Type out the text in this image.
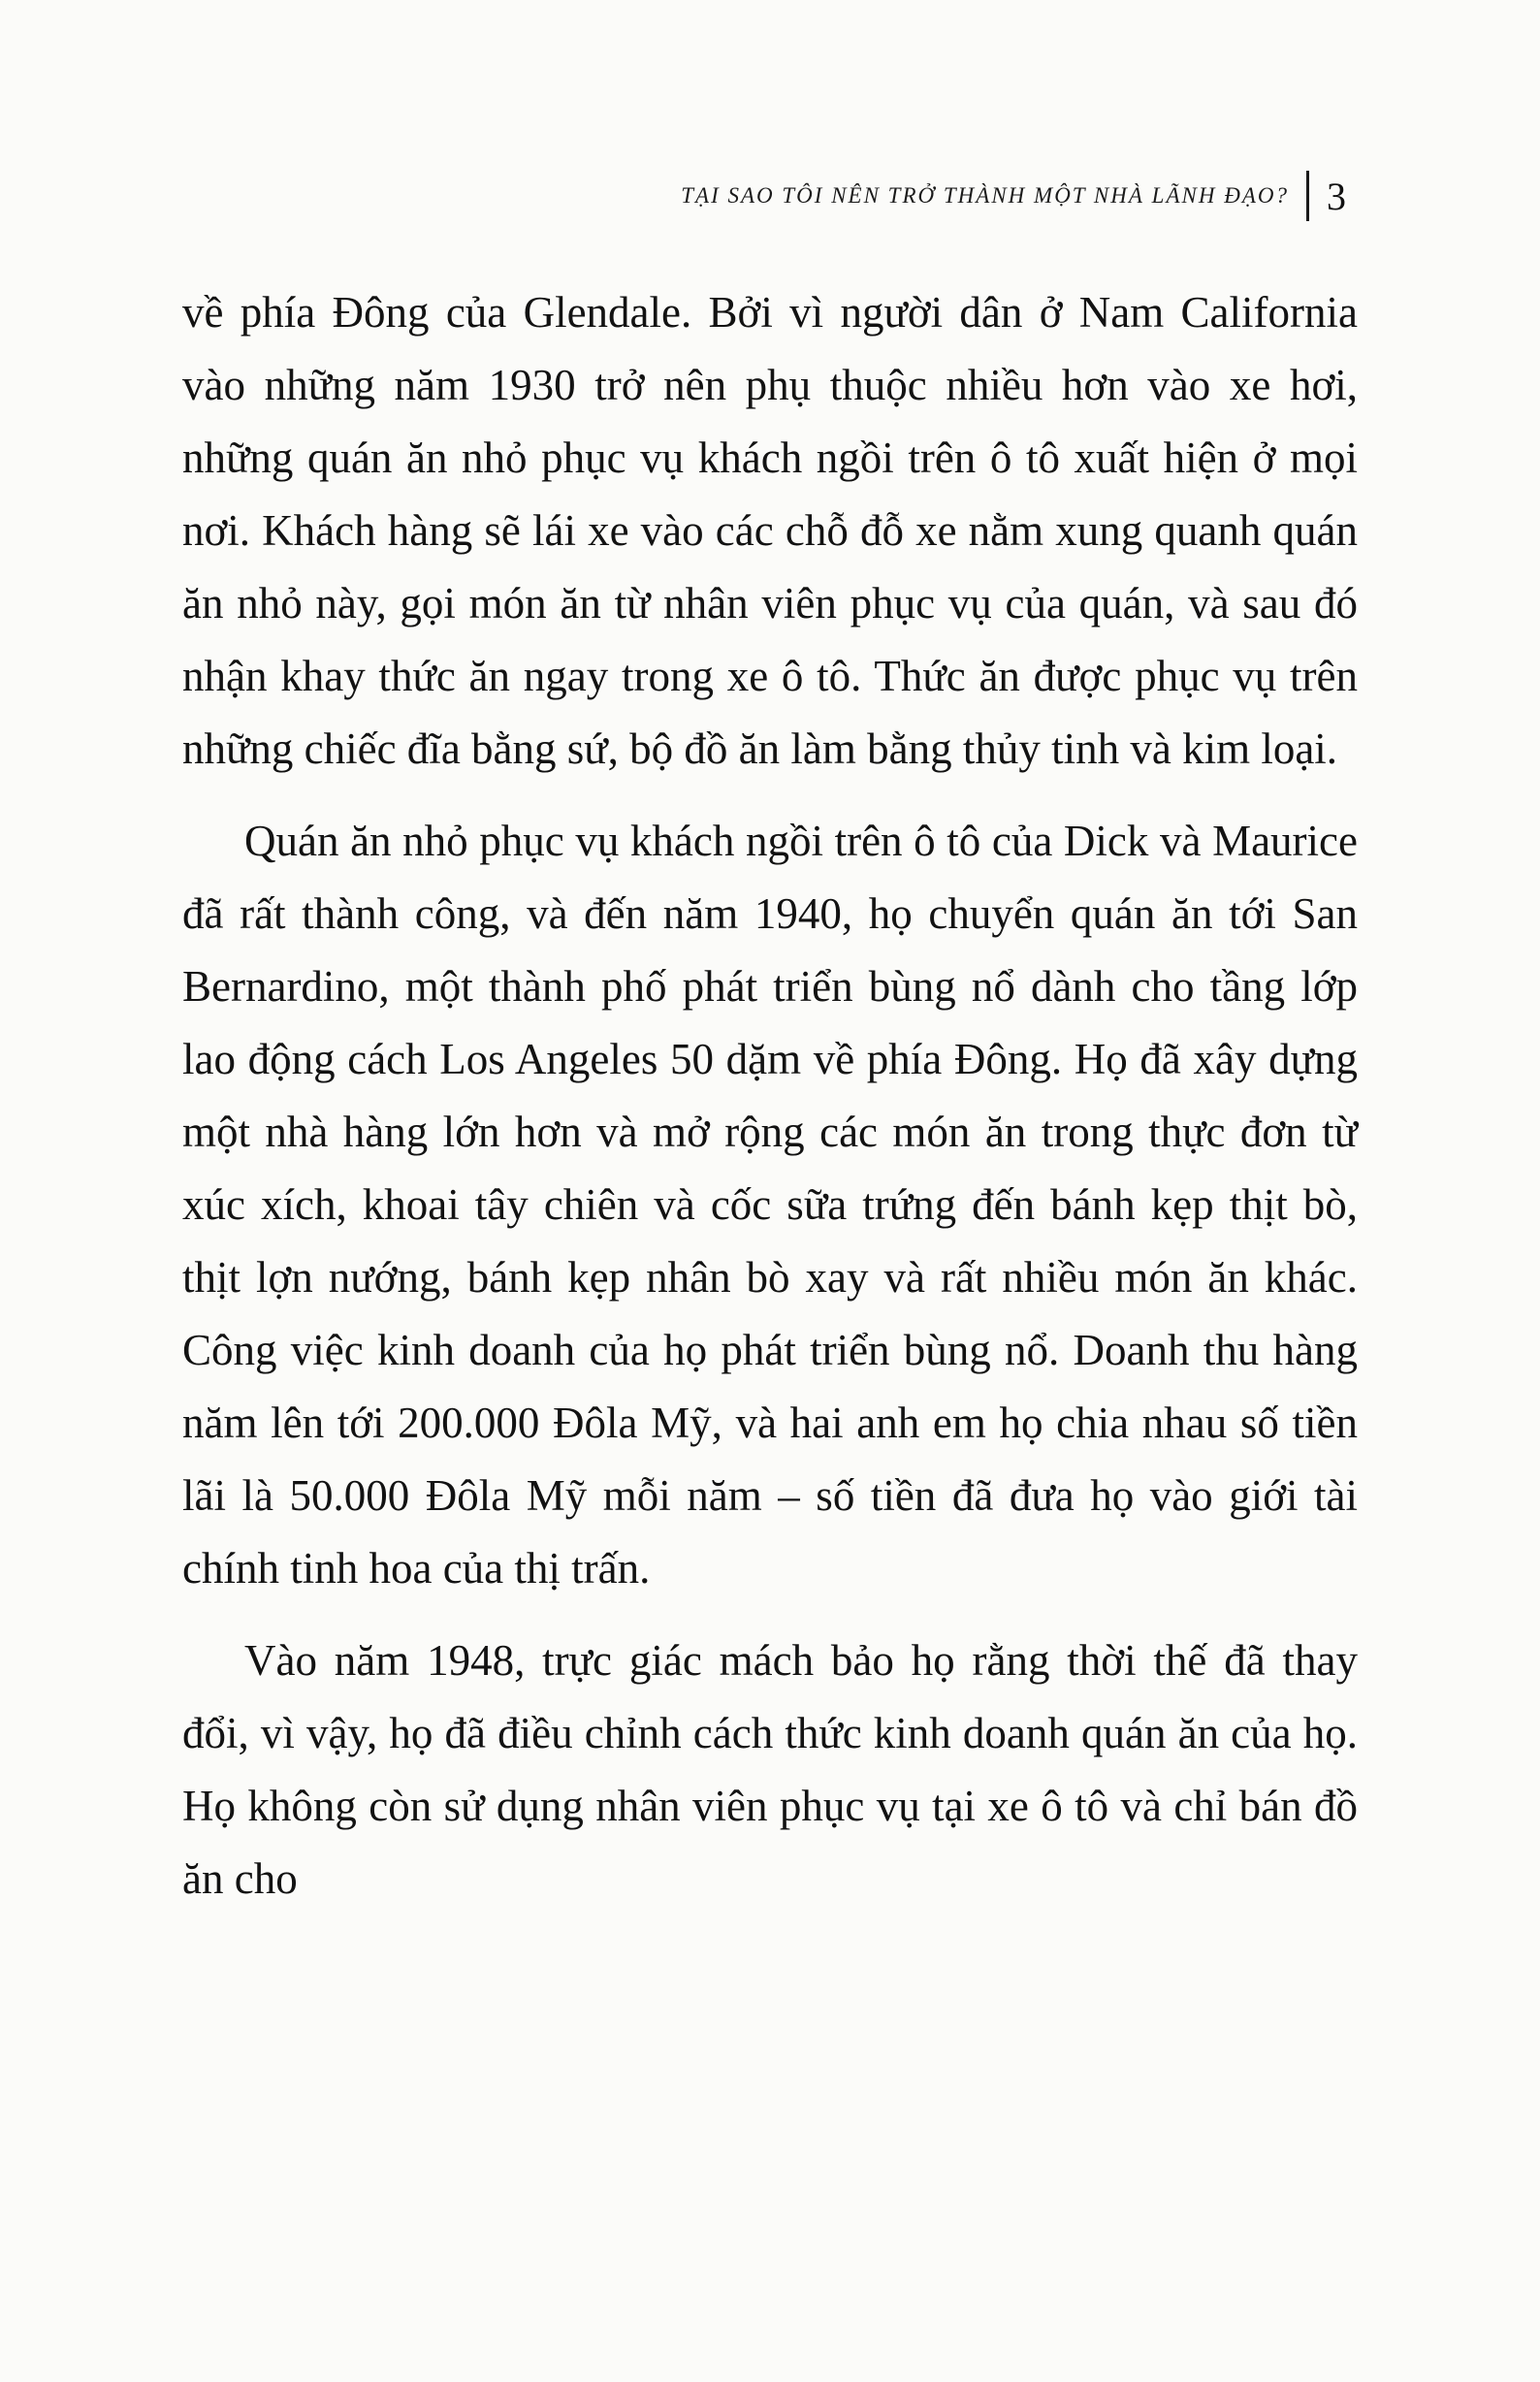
TẠI SAO TÔI NÊN TRỞ THÀNH MỘT NHÀ LÃNH ĐẠO? 3

về phía Đông của Glendale. Bởi vì người dân ở Nam California vào những năm 1930 trở nên phụ thuộc nhiều hơn vào xe hơi, những quán ăn nhỏ phục vụ khách ngồi trên ô tô xuất hiện ở mọi nơi. Khách hàng sẽ lái xe vào các chỗ đỗ xe nằm xung quanh quán ăn nhỏ này, gọi món ăn từ nhân viên phục vụ của quán, và sau đó nhận khay thức ăn ngay trong xe ô tô. Thức ăn được phục vụ trên những chiếc đĩa bằng sứ, bộ đồ ăn làm bằng thủy tinh và kim loại.

Quán ăn nhỏ phục vụ khách ngồi trên ô tô của Dick và Maurice đã rất thành công, và đến năm 1940, họ chuyển quán ăn tới San Bernardino, một thành phố phát triển bùng nổ dành cho tầng lớp lao động cách Los Angeles 50 dặm về phía Đông. Họ đã xây dựng một nhà hàng lớn hơn và mở rộng các món ăn trong thực đơn từ xúc xích, khoai tây chiên và cốc sữa trứng đến bánh kẹp thịt bò, thịt lợn nướng, bánh kẹp nhân bò xay và rất nhiều món ăn khác. Công việc kinh doanh của họ phát triển bùng nổ. Doanh thu hàng năm lên tới 200.000 Đôla Mỹ, và hai anh em họ chia nhau số tiền lãi là 50.000 Đôla Mỹ mỗi năm – số tiền đã đưa họ vào giới tài chính tinh hoa của thị trấn.

Vào năm 1948, trực giác mách bảo họ rằng thời thế đã thay đổi, vì vậy, họ đã điều chỉnh cách thức kinh doanh quán ăn của họ. Họ không còn sử dụng nhân viên phục vụ tại xe ô tô và chỉ bán đồ ăn cho
